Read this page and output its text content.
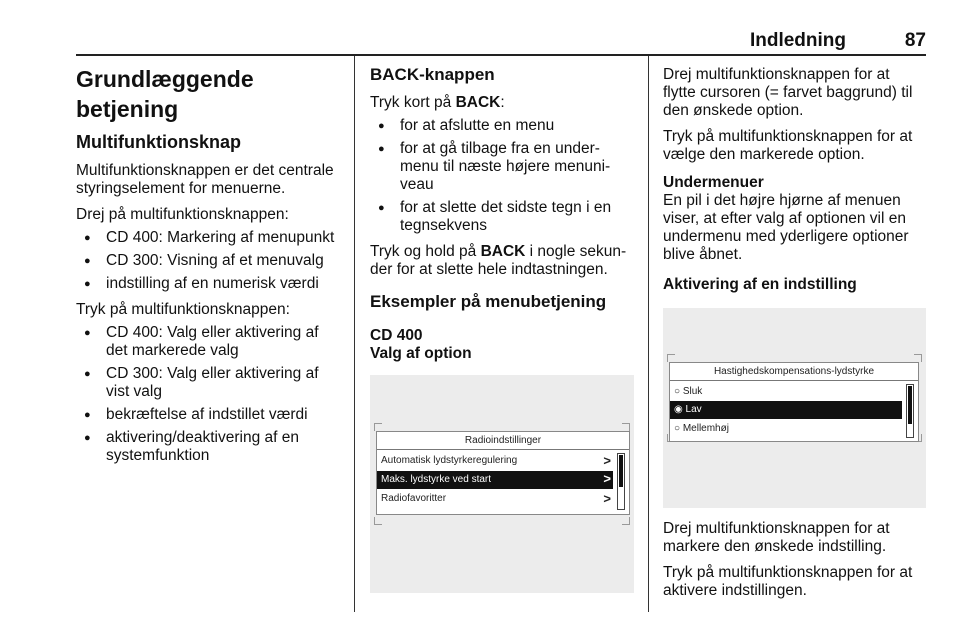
Indledning	87
Grundlæggende betjening
Multifunktionsknap

Multifunktionsknappen er det centrale styringselement for menuerne.

Drej på multifunktionsknappen:

● CD 400: Markering af menupunkt
● CD 300: Visning af et menuvalg
● indstilling af en numerisk værdi

Tryk på multifunktionsknappen:

● CD 400: Valg eller aktivering af det markerede valg
● CD 300: Valg eller aktivering af vist valg
● bekræftelse af indstillet værdi
● aktivering/deaktivering af en systemfunktion
BACK-knappen

Tryk kort på BACK:

● for at afslutte en menu
● for at gå tilbage fra en under-menu til næste højere menuni-veau
● for at slette det sidste tegn i en tegnsekvens

Tryk og hold på BACK i nogle sekun-der for at slette hele indtastningen.

Eksempler på menubetjening
CD 400
Valg af option
Radioindstillinger
Automatisk lydstyrkeregulering	>
Maks. lydstyrke ved start	>
Radiofavoritter	>

Drej multifunktionsknappen for at flytte cursoren (= farvet baggrund) til den ønskede option.

Tryk på multifunktionsknappen for at vælge den markerede option.

Undermenuer

En pil i det højre hjørne af menuen viser, at efter valg af optionen vil en undermenu med yderligere optioner blive åbnet.

Aktivering af en indstilling
Hastighedskompensations-lydstyrke
○ Sluk
◉ Lav
○ Mellemhøj

Drej multifunktionsknappen for at markere den ønskede indstilling.

Tryk på multifunktionsknappen for at aktivere indstillingen.
